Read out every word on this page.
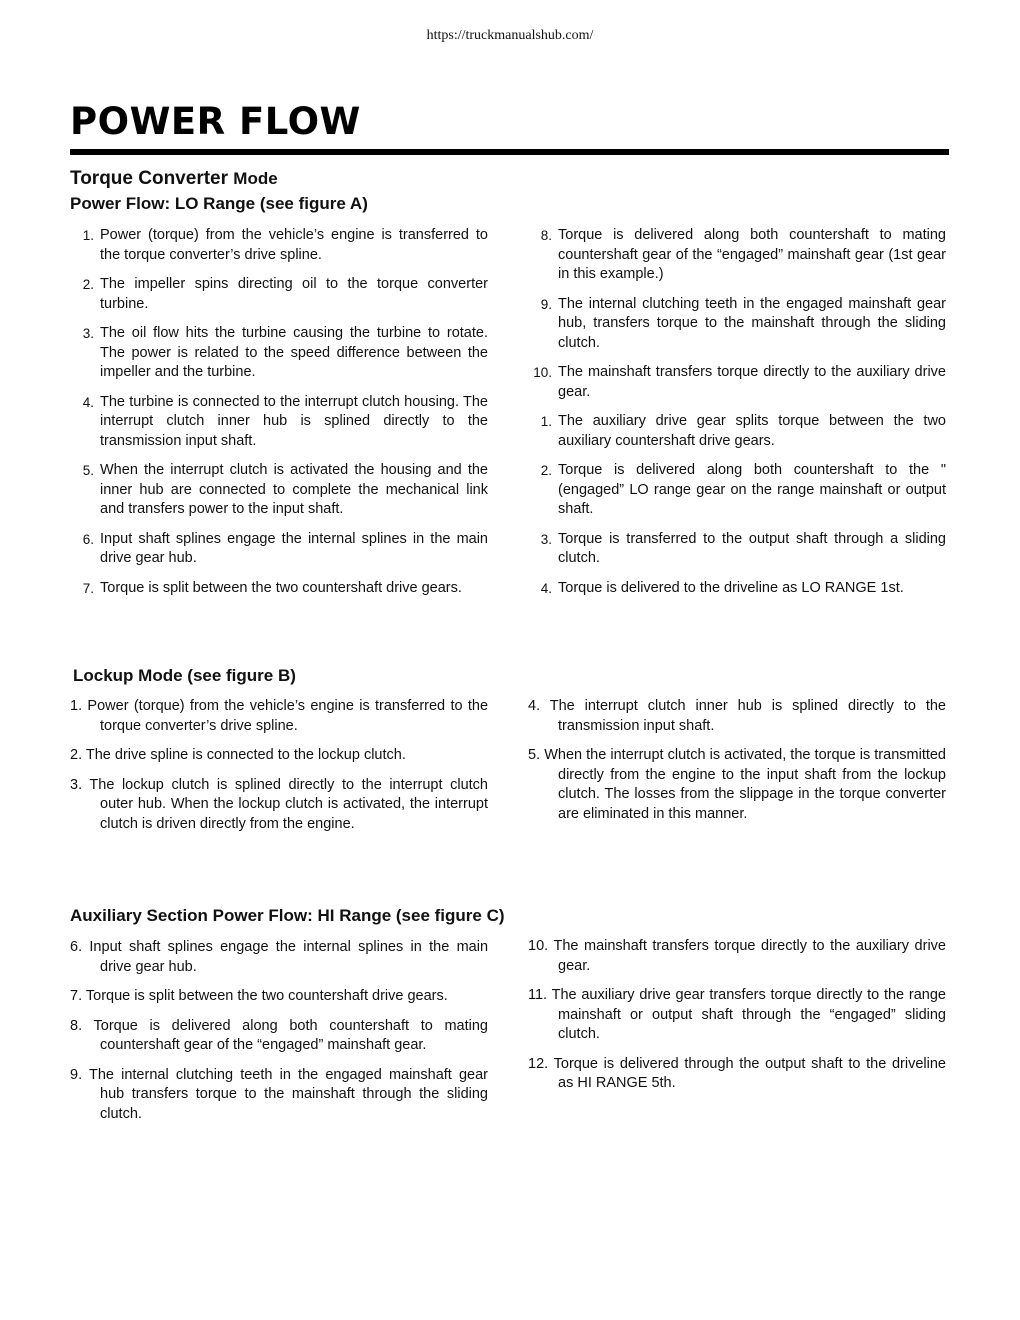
https://truckmanualshub.com/
POWER FLOW
Torque Converter Mode
Power Flow: LO Range (see figure A)
1. Power (torque) from the vehicle’s engine is transferred to the torque converter’s drive spline.
2. The impeller spins directing oil to the torque converter turbine.
3. The oil flow hits the turbine causing the turbine to rotate. The power is related to the speed difference between the impeller and the turbine.
4. The turbine is connected to the interrupt clutch housing. The interrupt clutch inner hub is splined directly to the transmission input shaft.
5. When the interrupt clutch is activated the housing and the inner hub are connected to complete the mechanical link and transfers power to the input shaft.
6. Input shaft splines engage the internal splines in the main drive gear hub.
7. Torque is split between the two countershaft drive gears.
8. Torque is delivered along both countershaft to mating countershaft gear of the “engaged” mainshaft gear (1st gear in this example.)
9. The internal clutching teeth in the engaged mainshaft gear hub, transfers torque to the mainshaft through the sliding clutch.
10. The mainshaft transfers torque directly to the auxiliary drive gear.
1. The auxiliary drive gear splits torque between the two auxiliary countershaft drive gears.
2. Torque is delivered along both countershaft to the "(engaged” LO range gear on the range mainshaft or output shaft.
3. Torque is transferred to the output shaft through a sliding clutch.
4. Torque is delivered to the driveline as LO RANGE 1st.
Lockup Mode (see figure B)
1. Power (torque) from the vehicle’s engine is transferred to the torque converter’s drive spline.
2. The drive spline is connected to the lockup clutch.
3. The lockup clutch is splined directly to the interrupt clutch outer hub. When the lockup clutch is activated, the interrupt clutch is driven directly from the engine.
4. The interrupt clutch inner hub is splined directly to the transmission input shaft.
5. When the interrupt clutch is activated, the torque is transmitted directly from the engine to the input shaft from the lockup clutch. The losses from the slippage in the torque converter are eliminated in this manner.
Auxiliary Section Power Flow: HI Range (see figure C)
6. Input shaft splines engage the internal splines in the main drive gear hub.
7. Torque is split between the two countershaft drive gears.
8. Torque is delivered along both countershaft to mating countershaft gear of the “engaged” mainshaft gear.
9. The internal clutching teeth in the engaged mainshaft gear hub transfers torque to the mainshaft through the sliding clutch.
10. The mainshaft transfers torque directly to the auxiliary drive gear.
11. The auxiliary drive gear transfers torque directly to the range mainshaft or output shaft through the “engaged” sliding clutch.
12. Torque is delivered through the output shaft to the driveline as HI RANGE 5th.
